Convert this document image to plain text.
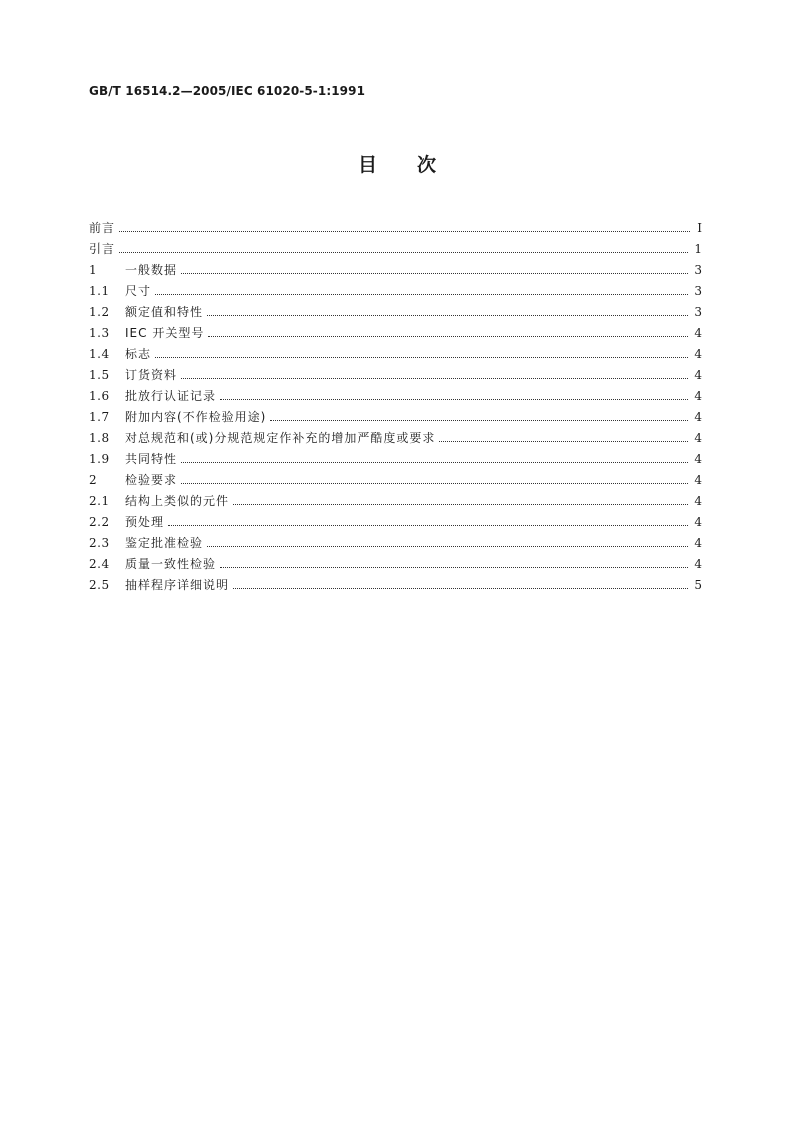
GB/T 16514.2—2005/IEC 61020-5-1:1991
目次
前言	I
引言	1
1	一般数据	3
1.1	尺寸	3
1.2	额定值和特性	3
1.3	IEC 开关型号	4
1.4	标志	4
1.5	订货资料	4
1.6	批放行认证记录	4
1.7	附加内容(不作检验用途)	4
1.8	对总规范和(或)分规范规定作补充的增加严酷度或要求	4
1.9	共同特性	4
2	检验要求	4
2.1	结构上类似的元件	4
2.2	预处理	4
2.3	鉴定批准检验	4
2.4	质量一致性检验	4
2.5	抽样程序详细说明	5
